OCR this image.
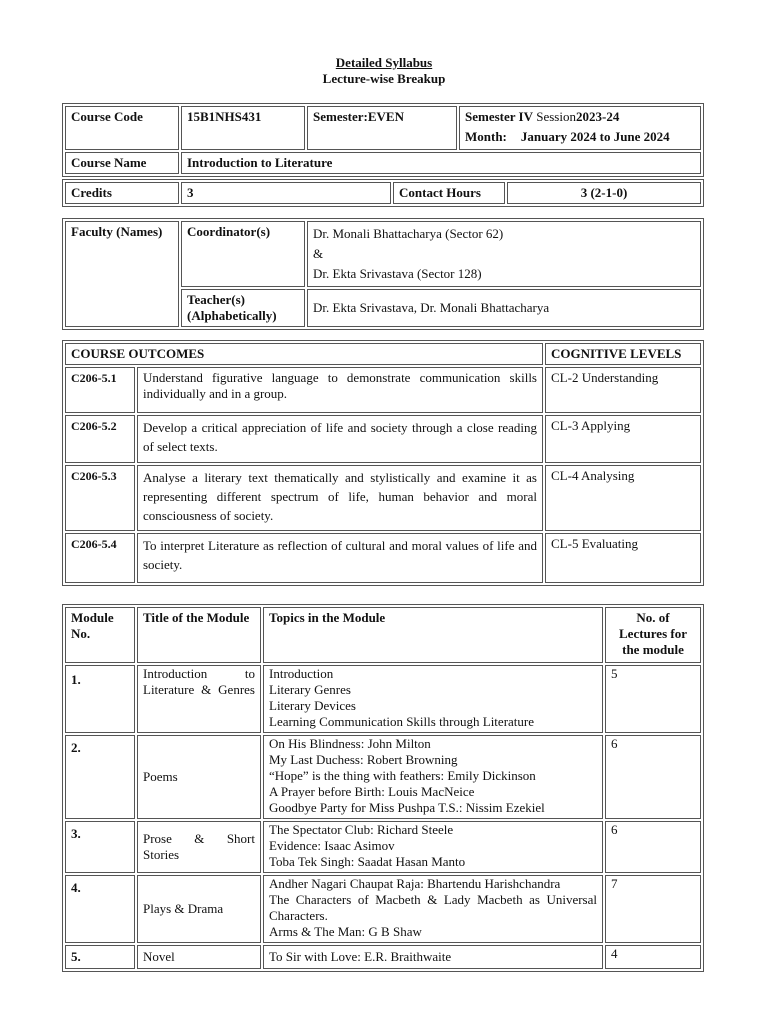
Detailed Syllabus
Lecture-wise Breakup
Course Code	15B1NHS431	Semester:EVEN	Semester IV Session2023-24
Month: January 2024 to June 2024

Course Name	Introduction to Literature		
Credits	3	Contact Hours	3 (2-1-0)
Faculty (Names)	Coordinator(s)	Dr. Monali Bhattacharya (Sector 62)
&
Dr. Ekta Srivastava (Sector 128)

	Teacher(s)
(Alphabetically)	Dr. Ekta Srivastava, Dr. Monali Bhattacharya
COURSE OUTCOMES		COGNITIVE LEVELS
C206-5.1	Understand figurative language to demonstrate communication skills individually and in a group.	CL-2 Understanding
C206-5.2	Develop a critical appreciation of life and society through a close reading of select texts.	CL-3 Applying
C206-5.3	Analyse a literary text thematically and stylistically and examine it as representing different spectrum of life, human behavior and moral consciousness of society.	CL-4 Analysing
C206-5.4	To interpret Literature as reflection of cultural and moral values of life and society.	CL-5 Evaluating
Module No.	Title of the Module	Topics in the Module	No. of Lectures for the module
1.	Introduction to Literature & Genres	Introduction
Literary Genres
Literary Devices
Learning Communication Skills through Literature	5
2.	Poems	On His Blindness: John Milton
My Last Duchess: Robert Browning
“Hope” is the thing with feathers: Emily Dickinson
A Prayer before Birth: Louis MacNeice
Goodbye Party for Miss Pushpa T.S.: Nissim Ezekiel	6
3.	Prose & Short Stories	The Spectator Club: Richard Steele
Evidence: Isaac Asimov
Toba Tek Singh: Saadat Hasan Manto	6
4.	Plays & Drama	Andher Nagari Chaupat Raja: Bhartendu Harishchandra
The Characters of Macbeth & Lady Macbeth as Universal Characters.
Arms & The Man: G B Shaw	7
5.	Novel	To Sir with Love: E.R. Braithwaite	4
